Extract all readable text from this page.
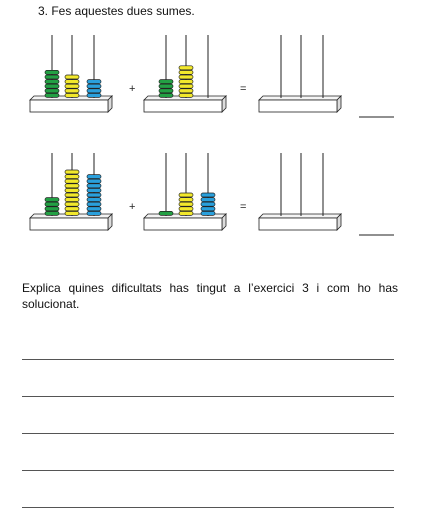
3. Fes aquestes dues sumes.
+	=
+	=
Explica quines dificultats has tingut a l’exercici 3 i com ho has solucionat.
